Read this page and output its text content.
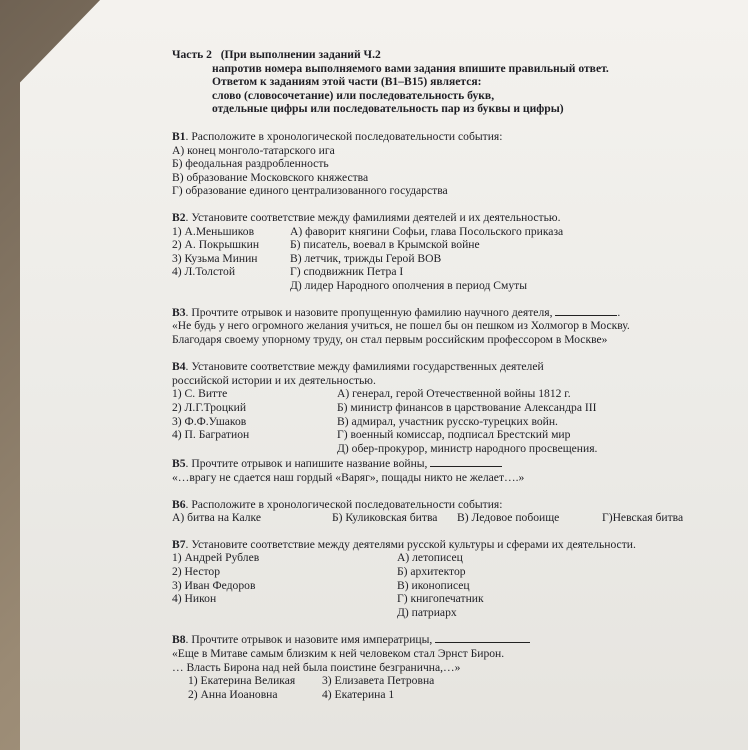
Часть 2 (При выполнении заданий Ч.2
напротив номера выполняемого вами задания впишите правильный ответ.
Ответом к заданиям этой части (В1–В15) является:
слово (словосочетание) или последовательность букв,
отдельные цифры или последовательность пар из буквы и цифры)
В1. Расположите в хронологической последовательности события:
А) конец монголо-татарского ига
Б) феодальная раздробленность
В) образование Московского княжества
Г) образование единого централизованного государства
В2. Установите соответствие между фамилиями деятелей и их деятельностью.
1) А.Меньшиков	А) фаворит княгини Софьи, глава Посольского приказа
2) А. Покрышкин	Б) писатель, воевал в Крымской войне
3) Кузьма Минин	В) летчик, трижды Герой ВОВ
4) Л.Толстой	Г) сподвижник Петра I
Д) лидер Народного ополчения в период Смуты
В3. Прочтите отрывок и назовите пропущенную фамилию научного деятеля,	.
«Не будь у него огромного желания учиться, не пошел бы он пешком из Холмогор в Москву.
Благодаря своему упорному труду, он стал первым российским профессором в Москве»
В4. Установите соответствие между фамилиями государственных деятелей
российской истории и их деятельностью.
1) С. Витте	А) генерал, герой Отечественной войны 1812 г.
2) Л.Г.Троцкий	Б) министр финансов в царствование Александра III
3) Ф.Ф.Ушаков	В) адмирал, участник русско-турецких войн.
4) П. Багратион	Г) военный комиссар, подписал Брестский мир
Д) обер-прокурор, министр народного просвещения.
В5. Прочтите отрывок и напишите название войны,
«…врагу не сдается наш гордый «Варяг», пощады никто не желает….»
В6. Расположите в хронологической последовательности события:
А) битва на Калке	Б) Куликовская битва В) Ледовое побоище	Г)Невская битва
В7. Установите соответствие между деятелями русской культуры и сферами их деятельности.
1) Андрей Рублев	А) летописец
2) Нестор	Б) архитектор
3) Иван Федоров	В) иконописец
4) Никон	Г) книгопечатник
Д) патриарх
В8. Прочтите отрывок и назовите имя императрицы,
«Еще в Митаве самым близким к ней человеком стал Эрнст Бирон.
… Власть Бирона над ней была поистине безгранична,…»
1) Екатерина Великая 3) Елизавета Петровна
2) Анна Иоановна	4) Екатерина 1
